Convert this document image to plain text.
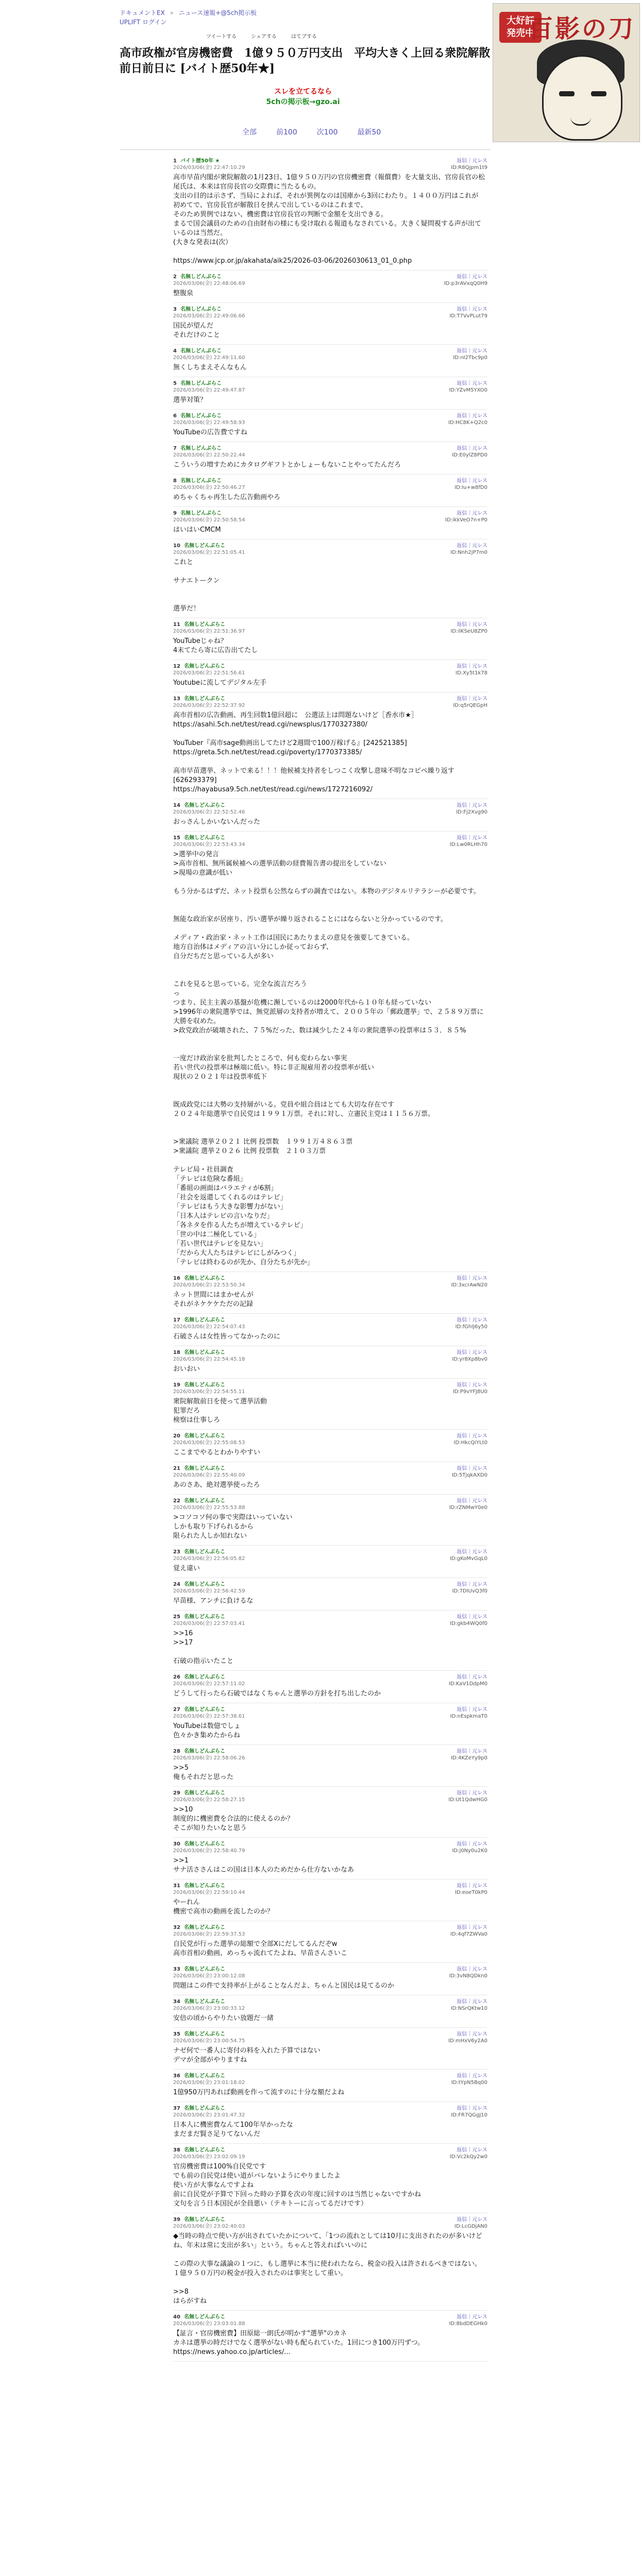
ドキュメントEX » ニュース速報+@5ch掲示板
UPLIFT ログイン
ツイートする	シェアする	はてブする
高市政権が官房機密費　1億９５０万円支出　平均大きく上回る衆院解散前日前日に [バイト歴50年★]
大好評発売中
百影の刀
スレを立てるなら
5chの掲示板→gzo.ai
全部	前100	次100	最新50
1 バイト歴50年 ★
2026/03/06(金) 22:47:10.29
返信｜元レス
ID:R8Qjpm1t9
高市早苗内閣が衆院解散の1月23日、1億９５０万円の官房機密費（報償費）を大量支出、官房長官の松尾氏は、本来は官房長官の交際費に当たるもの。
支出の目的は示さず、当局によれば、それが異例なのは国庫から3回にわたり。１４００万円はこれが
初めてで、官房長官が解散日を挟んで出しているのはこれまで、
そのため異例ではない、機密費は官房長官の判断で金額を支出できる。
まるで国会議員のための自由財布の様にも受け取れる報道もなされている。大きく疑問視する声が出ているのは当然だ。
(大きな発表は(次）

https://www.jcp.or.jp/akahata/aik25/2026-03-06/2026030613_01_0.php
2 名無しどんぶらこ
2026/03/06(金) 22:48:06.69
返信｜元レス
ID:p3rAVxqQ0H9
整腹泉
3 名無しどんぶらこ
2026/03/06(金) 22:49:06.66
返信｜元レス
ID:T7VvPLut79
国民が望んだ
それだけのこと
4 名無しどんぶらこ
2026/03/06(金) 22:49:11.60
返信｜元レス
ID:nI2Tbc9p0
無くしちまえそんなもん
5 名無しどんぶらこ
2026/03/06(金) 22:49:47.87
返信｜元レス
ID:YZvM5YXO0
選挙対策？
6 名無しどんぶらこ
2026/03/06(金) 22:49:58.93
返信｜元レス
ID:HC8K+Q2c0
YouTubeの広告費ですね
7 名無しどんぶらこ
2026/03/06(金) 22:50:22.44
返信｜元レス
ID:E0ylZ8PD0
こういうの増すためにカタログギフトとかしょーもないことやってたんだろ
8 名無しどんぶらこ
2026/03/06(金) 22:50:46.27
返信｜元レス
ID:Iu+w8fD0
めちゃくちゃ再生した広告動画やろ
9 名無しどんぶらこ
2026/03/06(金) 22:50:58.54
返信｜元レス
ID:ikkVeO7n+P0
はいはいCMCM
10 名無しどんぶらこ
2026/03/06(金) 22:51:05.41
返信｜元レス
ID:Nnh2jP7m0
これと

サナエトークン

選挙だ！
11 名無しどんぶらこ
2026/03/06(金) 22:51:36.97
返信｜元レス
ID:ilKSeU8ZP0
YouTubeじゃね？
4末てたら寄に広告出てたし
12 名無しどんぶらこ
2026/03/06(金) 22:51:56.61
返信｜元レス
ID:Xy5t1k78
Youtubeに流してデジタル左手
13 名無しどんぶらこ
2026/03/06(金) 22:52:37.92
返信｜元レス
ID:q5rQEGpH
高市首相の広告動画、再生回数1億回超に　公選法上は問題ないけど［香水市★］
https://asahi.5ch.net/test/read.cgi/newsplus/1770327380/

YouTuber『高市sage動画出してたけど2週間で100万稼げる』[242521385]
https://greta.5ch.net/test/read.cgi/poverty/1770373385/

高市早苗選挙、ネットで来る！！！他候補支持者をしつこく攻撃し意味不明なコピペ繰り返す [626293379]
https://hayabusa9.5ch.net/test/read.cgi/news/1727216092/
14 名無しどんぶらこ
2026/03/06(金) 22:52:52.46
返信｜元レス
ID:Fj2Xvg90
おっさんしかいないんだった
15 名無しどんぶらこ
2026/03/06(金) 22:53:43.34
返信｜元レス
ID:Lw0RLHh70
>選挙中の発言
>高市首相、無所属候補への選挙活動の経費報告書の提出をしていない
>現場の意識が低い

もう分かるはずだ、ネット投票も公然ならずの調査ではない。本物のデジタルリテラシーが必要です。

無能な政治家が居座り、汚い選挙が繰り返されることにはならないと分かっているのです。

メディア・政治家・ネット工作は国民にあたりまえの意見を強要してきている。
地方自治体はメディアの言い分にしか従っておらず、
自分だちだと思っている人が多い

これを見ると思っている。完全な流言だろう
っ
つまり、民主主義の基盤が危機に瀕しているのは2000年代から１０年も経っていない
>1996年の衆院選挙では、無党派層の支持者が増えて、２００５年の「郵政選挙」で、２５８９万票に大勝を収めた。
>政党政治が破壊された、７５%だった、数は減少した２４年の衆院選挙の投票率は５３．８５%

一度だけ政治家を批判したところで、何も変わらない事実
若い世代の投票率は極端に低い。特に非正規雇用者の投票率が低い
現状の２０２１年は投票率低下

既成政党には大勢の支持層がいる。党員や組合員はとても大切な存在です
２０２４年総選挙で自民党は１９９１万票。それに対し、立憲民主党は１１５６万票。

>衆議院 選挙２０２１ 比例 投票数　１９９１万４８６３票
>衆議院 選挙２０２６ 比例 投票数　２１０３万票

テレビ局・社員調査
「テレビは危険な番組」
「番組の画面はバラエティが6割」
「社会を返還してくれるのはテレビ」
「テレビはもう大きな影響力がない」
「日本人はテレビの言いなりだ」
「各ネタを作る人たちが増えているテレビ」
「世の中は二極化している」
「若い世代はテレビを見ない」
「だから大人たちはテレビにしがみつく」
「テレビは終わるのが先か、自分たちが先か」
16 名無しどんぶらこ
2026/03/06(金) 22:53:50.34
返信｜元レス
ID:3xcrAwN20
ネット世間にはまかせんが
それがネケケケただの記録
17 名無しどんぶらこ
2026/03/06(金) 22:54:07.43
返信｜元レス
ID:fGhlJ6y50
石破さんは女性皆ってなかったのに
18 名無しどんぶらこ
2026/03/06(金) 22:54:45.18
返信｜元レス
ID:yr8Xp8bv0
おいおい
19 名無しどんぶらこ
2026/03/06(金) 22:54:55.11
返信｜元レス
ID:P9vYFJ8U0
衆院解散前日を使って選挙活動
犯罪だろ
検察は仕事しろ
20 名無しどんぶらこ
2026/03/06(金) 22:55:08.53
返信｜元レス
ID:HkcQiYLt0
ここまでやるとわかりやすい
21 名無しどんぶらこ
2026/03/06(金) 22:55:40.09
返信｜元レス
ID:5TjqkAXD0
あのさあ、絶対選挙使ったろ
22 名無しどんぶらこ
2026/03/06(金) 22:55:53.88
返信｜元レス
ID:rZNMwY0e0
>コソコソ何の事で実際はいっていない
しかも取り下げられるから
限られた人しか知れない
23 名無しどんぶらこ
2026/03/06(金) 22:56:05.82
返信｜元レス
ID:gKoMvGqL0
覚え違い
24 名無しどんぶらこ
2026/03/06(金) 22:56:42.59
返信｜元レス
ID:7DIUvQ3f0
早苗様、アンチに負けるな
25 名無しどんぶらこ
2026/03/06(金) 22:57:03.41
返信｜元レス
ID:gkb4WQ0f0
>>16
>>17

石破の指示いたこと
26 名無しどんぶらこ
2026/03/06(金) 22:57:11.02
返信｜元レス
ID:KaV1DdpM0
どうして行ったら石破ではなくちゃんと選挙の方針を打ち出したのか
27 名無しどんぶらこ
2026/03/06(金) 22:57:38.61
返信｜元レス
ID:nEspkmaT0
YouTubeは数億でしょ
色々かき集めたからね
28 名無しどんぶらこ
2026/03/06(金) 22:58:06.26
返信｜元レス
ID:4KZeYy9p0
>>5
俺もそれだと思った
29 名無しどんぶらこ
2026/03/06(金) 22:58:27.15
返信｜元レス
ID:Ut1QdwHG0
>>10
制度的に機密費を合法的に使えるのか？
そこが知りたいなと思う
30 名無しどんぶらこ
2026/03/06(金) 22:58:40.79
返信｜元レス
ID:j0Ny0u2K0
>>1
サナ活ささんはこの国は日本人のためだから仕方ないかなあ
31 名無しどんぶらこ
2026/03/06(金) 22:59:10.44
返信｜元レス
ID:eoeT0kP0
やーれん
機密で高市の動画を流したのか？
32 名無しどんぶらこ
2026/03/06(金) 22:59:37.53
返信｜元レス
ID:4qf7ZWVa0
自民党が行った選挙の総額で全部Xにだしてるんだぞw
高市首相の動画、めっちゃ流れてたよね、早苗さんさいこ
33 名無しどんぶらこ
2026/03/06(金) 23:00:12.08
返信｜元レス
ID:3vN8QDkn0
問題はこの件で支持率が上がることなんだよ、ちゃんと国民は見てるのか
34 名無しどんぶらこ
2026/03/06(金) 23:00:33.12
返信｜元レス
ID:NSrQKtw10
安倍の頃からやりたい放題だ一緒
35 名無しどんぶらこ
2026/03/06(金) 23:00:54.75
返信｜元レス
ID:mHxV6y2A0
ナゼ何で一番人に寄付の料を入れた予算ではない
デマが全部がやりますね
36 名無しどんぶらこ
2026/03/06(金) 23:01:18.02
返信｜元レス
ID:tYpN5Bq00
1億950万円あれば動画を作って流すのに十分な額だよね
37 名無しどんぶらこ
2026/03/06(金) 23:01:47.32
返信｜元レス
ID:FR7QGgJ10
日本人に機密費なんて100年早かったな
まだまだ賢さ足りてないんだ
38 名無しどんぶらこ
2026/03/06(金) 23:02:09.19
返信｜元レス
ID:Vc2kQy2w0
官房機密費は100%自民党です
でも前の自民党は使い道がバレないようにやりましたよ
使い方が大事なんですよね
前に自民党が予算で下回った時の予算を次の年度に回すのは当然じゃないですかね
文句を言う日本国民が全員悪い（テキトーに言ってるだけです）
39 名無しどんぶらこ
2026/03/06(金) 23:02:40.03
返信｜元レス
ID:LcGDjAN0
◆当時の時点で使い方が出されていたかについて、「1つの流れとしては10月に支出されたのが多いけどね、年末は常に支出が多い」という。ちゃんと答えればいいのに

この際の大事な議論の１つに、もし選挙に本当に使われたなら、税金の投入は許されるべきではない。１億９５０万円の税金が投入されたのは事実として重い。

>>8
はらがすね
40 名無しどんぶらこ
2026/03/06(金) 23:03:01.88
返信｜元レス
ID:8bdDEGHk0
【証言・官房機密費】田原総一朗氏が明かす"選挙"のカネ
カネは選挙の時だけでなく選挙がない時も配られていた。1回につき100万円ずつ。
https://news.yahoo.co.jp/articles/...
